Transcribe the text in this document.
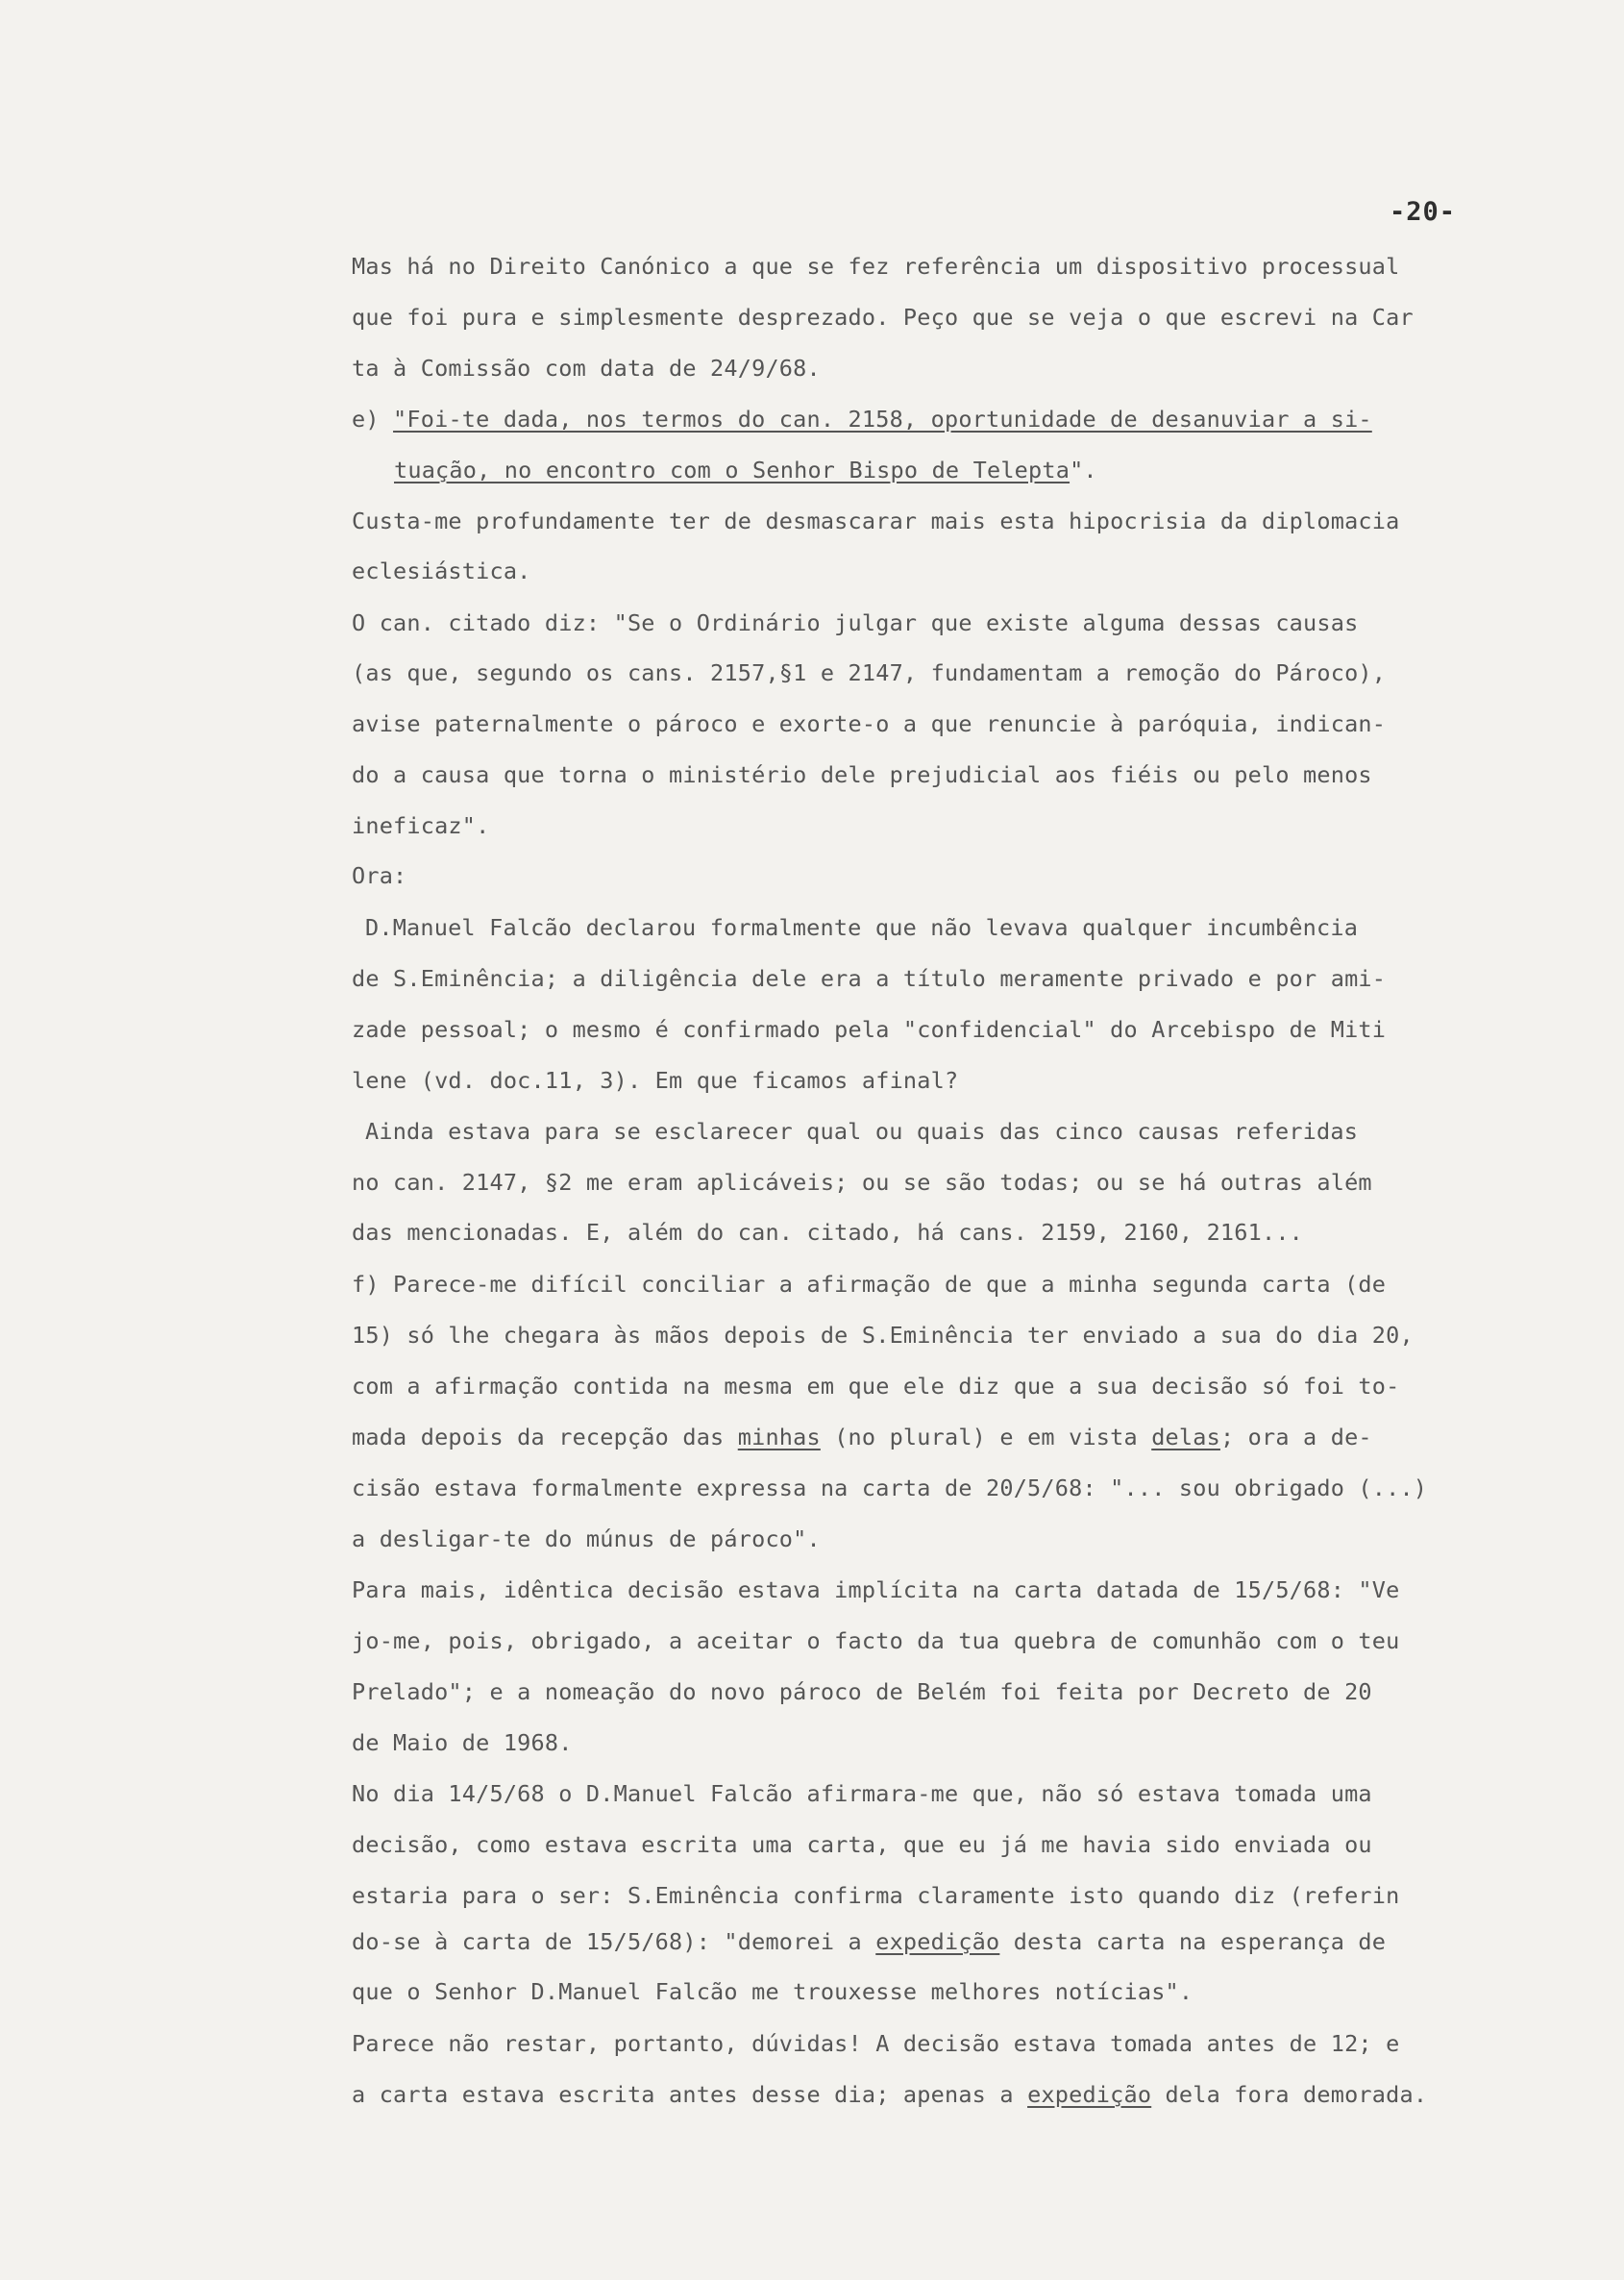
-20-
Mas há no Direito Canónico a que se fez referência um dispositivo processual
que foi pura e simplesmente desprezado. Peço que se veja o que escrevi na Car
ta à Comissão com data de 24/9/68.
e) "Foi-te dada, nos termos do can. 2158, oportunidade de desanuviar a si-
tuação, no encontro com o Senhor Bispo de Telepta".
Custa-me profundamente ter de desmascarar mais esta hipocrisia da diplomacia
eclesiástica.
O can. citado diz: "Se o Ordinário julgar que existe alguma dessas causas
(as que, segundo os cans. 2157,§1 e 2147, fundamentam a remoção do Pároco),
avise paternalmente o pároco e exorte-o a que renuncie à paróquia, indican-
do a causa que torna o ministério dele prejudicial aos fiéis ou pelo menos
ineficaz".
Ora:
D.Manuel Falcão declarou formalmente que não levava qualquer incumbência
de S.Eminência; a diligência dele era a título meramente privado e por ami-
zade pessoal; o mesmo é confirmado pela "confidencial" do Arcebispo de Miti
lene (vd. doc.11, 3). Em que ficamos afinal?
Ainda estava para se esclarecer qual ou quais das cinco causas referidas
no can. 2147, §2 me eram aplicáveis; ou se são todas; ou se há outras além
das mencionadas. E, além do can. citado, há cans. 2159, 2160, 2161...
f) Parece-me difícil conciliar a afirmação de que a minha segunda carta (de
15) só lhe chegara às mãos depois de S.Eminência ter enviado a sua do dia 20,
com a afirmação contida na mesma em que ele diz que a sua decisão só foi to-
mada depois da recepção das minhas (no plural) e em vista delas; ora a de-
cisão estava formalmente expressa na carta de 20/5/68: "... sou obrigado (...)
a desligar-te do múnus de pároco".
Para mais, idêntica decisão estava implícita na carta datada de 15/5/68: "Ve
jo-me, pois, obrigado, a aceitar o facto da tua quebra de comunhão com o teu
Prelado"; e a nomeação do novo pároco de Belém foi feita por Decreto de 20
de Maio de 1968.
No dia 14/5/68 o D.Manuel Falcão afirmara-me que, não só estava tomada uma
decisão, como estava escrita uma carta, que eu já me havia sido enviada ou
estaria para o ser: S.Eminência confirma claramente isto quando diz (referin
do-se à carta de 15/5/68): "demorei a expedição desta carta na esperança de
que o Senhor D.Manuel Falcão me trouxesse melhores notícias".
Parece não restar, portanto, dúvidas! A decisão estava tomada antes de 12; e
a carta estava escrita antes desse dia; apenas a expedição dela fora demorada.
